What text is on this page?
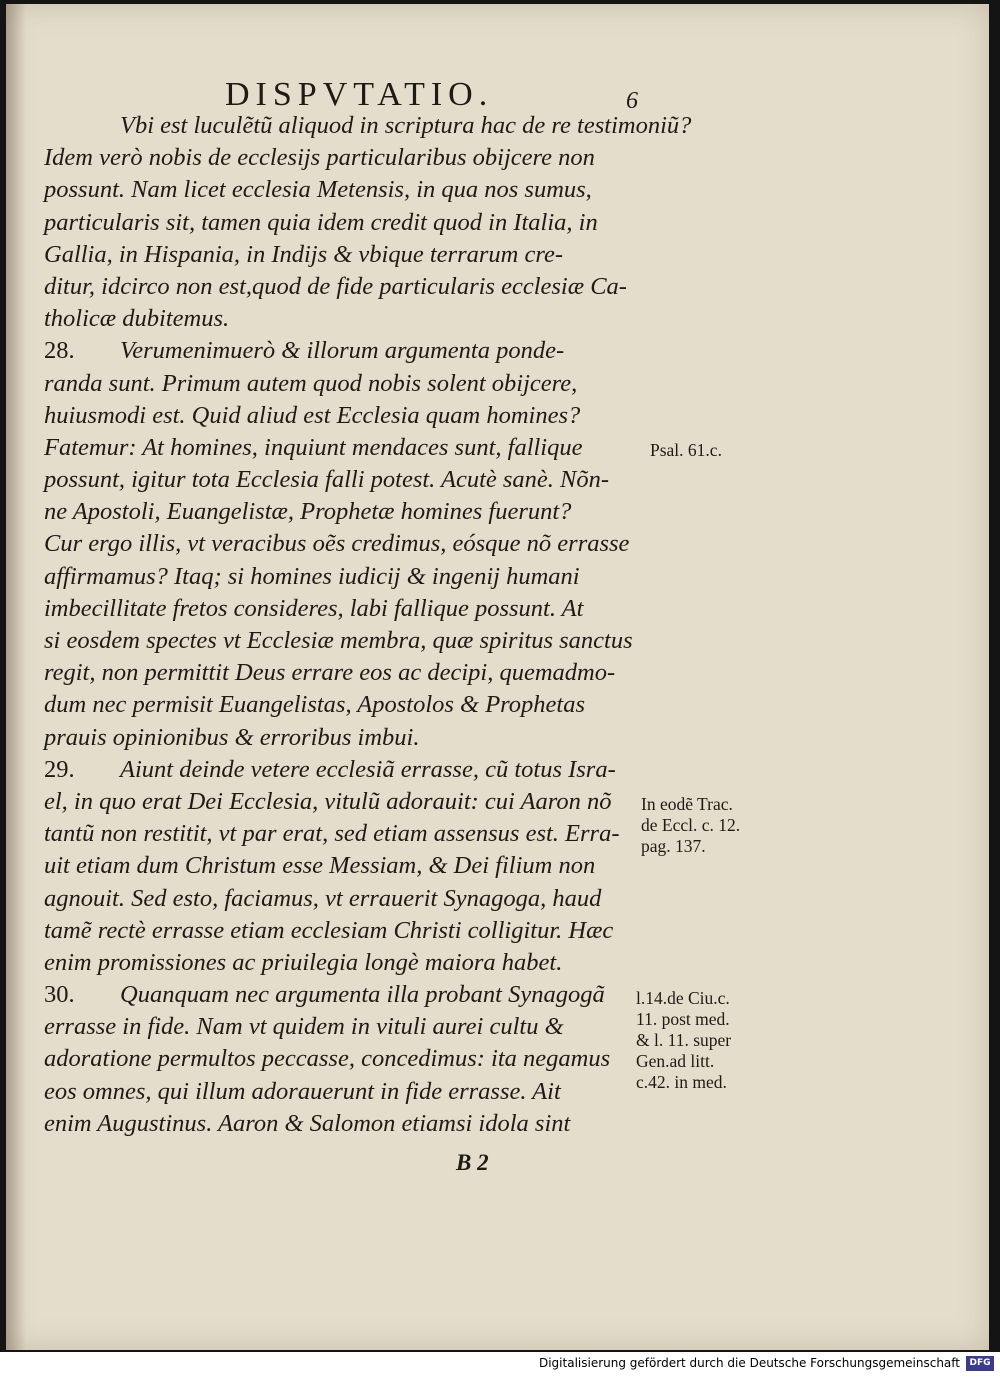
DISPVTATIO.	6
Vbi est luculẽtũ aliquod in scriptura hac de re testimoniũ?
Idem verò nobis de ecclesijs particularibus obijcere non
possunt. Nam licet ecclesia Metensis, in qua nos sumus,
particularis sit, tamen quia idem credit quod in Italia, in
Gallia, in Hispania, in Indijs & vbique terrarum cre-
ditur, idcirco non est,quod de fide particularis ecclesiæ Ca-
tholicæ dubitemus.
28. Verumenimuerò & illorum argumenta ponde-
randa sunt. Primum autem quod nobis solent obijcere,
huiusmodi est. Quid aliud est Ecclesia quam homines?
Fatemur: At homines, inquiunt mendaces sunt, fallique
possunt, igitur tota Ecclesia falli potest. Acutè sanè. Nõn-
ne Apostoli, Euangelistæ, Prophetæ homines fuerunt?
Cur ergo illis, vt veracibus oẽs credimus, eósque nõ errasse
affirmamus? Itaq; si homines iudicij & ingenij humani
imbecillitate fretos consideres, labi fallique possunt. At
si eosdem spectes vt Ecclesiæ membra, quæ spiritus sanctus
regit, non permittit Deus errare eos ac decipi, quemadmo-
dum nec permisit Euangelistas, Apostolos & Prophetas
prauis opinionibus & erroribus imbui.
29. Aiunt deinde vetere ecclesiã errasse, cũ totus Isra-
el, in quo erat Dei Ecclesia, vitulũ adorauit: cui Aaron nõ
tantũ non restitit, vt par erat, sed etiam assensus est. Erra-
uit etiam dum Christum esse Messiam, & Dei filium non
agnouit. Sed esto, faciamus, vt errauerit Synagoga, haud
tamẽ rectè errasse etiam ecclesiam Christi colligitur. Hæc
enim promissiones ac priuilegia longè maiora habet.
30. Quanquam nec argumenta illa probant Synagogã
errasse in fide. Nam vt quidem in vituli aurei cultu &
adoratione permultos peccasse, concedimus: ita negamus
eos omnes, qui illum adorauerunt in fide errasse. Ait
enim Augustinus. Aaron & Salomon etiamsi idola sint
Psal. 61.c.
In eodẽ Trac.
de Eccl. c. 12.
pag. 137.
l.14.de Ciu.c.
11. post med.
& l. 11. super
Gen.ad litt.
c.42. in med.
B 2
Digitalisierung gefördert durch die Deutsche Forschungsgemeinschaft	DFG
